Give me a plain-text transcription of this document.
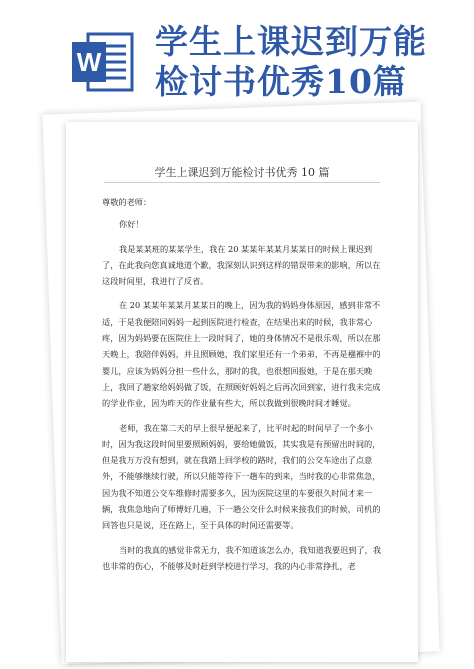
W
学生上课迟到万能
检讨书优秀10篇
学生上课迟到万能检讨书优秀 10 篇

尊敬的老师：

你好！

我是某某班的某某学生，我在 20 某某年某某月某某日的时候上课迟到了，在此我向您真诚地道个歉，我深刻认识到这样的错误带来的影响，所以在这段时间里，我进行了反省。

在 20 某某年某某月某某日的晚上，因为我的妈妈身体原因，感到非常不适，于是我便陪同妈妈一起到医院进行检查，在结果出来的时候，我非常心疼，因为妈妈要在医院住上一段时间了，她的身体情况不是很乐观，所以在那天晚上，我陪伴妈妈，并且照顾她，我们家里还有一个弟弟，不再是襁褓中的婴儿，应该为妈妈分担一些什么，那时的我，也很想回报她，于是在那天晚上，我回了趟家给妈妈做了饭，在照顾好妈妈之后再次回到家，进行我未完成的学业作业，因为昨天的作业量有些大，所以我做到很晚时间才睡觉。

老师，我在第二天的早上很早便起来了，比平时起的时间早了一个多小时，因为我这段时间里要照顾妈妈，要给她做饭，其实我是有预留出时间的，但是我万万没有想到，就在我踏上回学校的路时，我们的公交车途出了点意外，不能够继续行驶，所以只能等待下一趟车的到来，当时我的心非常焦急，因为我不知道公交车维修时需要多久，因为医院这里的车要很久时间才来一辆，我焦急地向了师傅好几遍，下一趟公交什么时候来接我们的时候，司机的回答也只是说，还在路上，至于具体的时间还需要等。

当时的我真的感觉非常无力，我不知道该怎么办，我知道我要迟到了，我也非常的伤心，不能够及时赶到学校进行学习，我的内心非常挣扎，老
